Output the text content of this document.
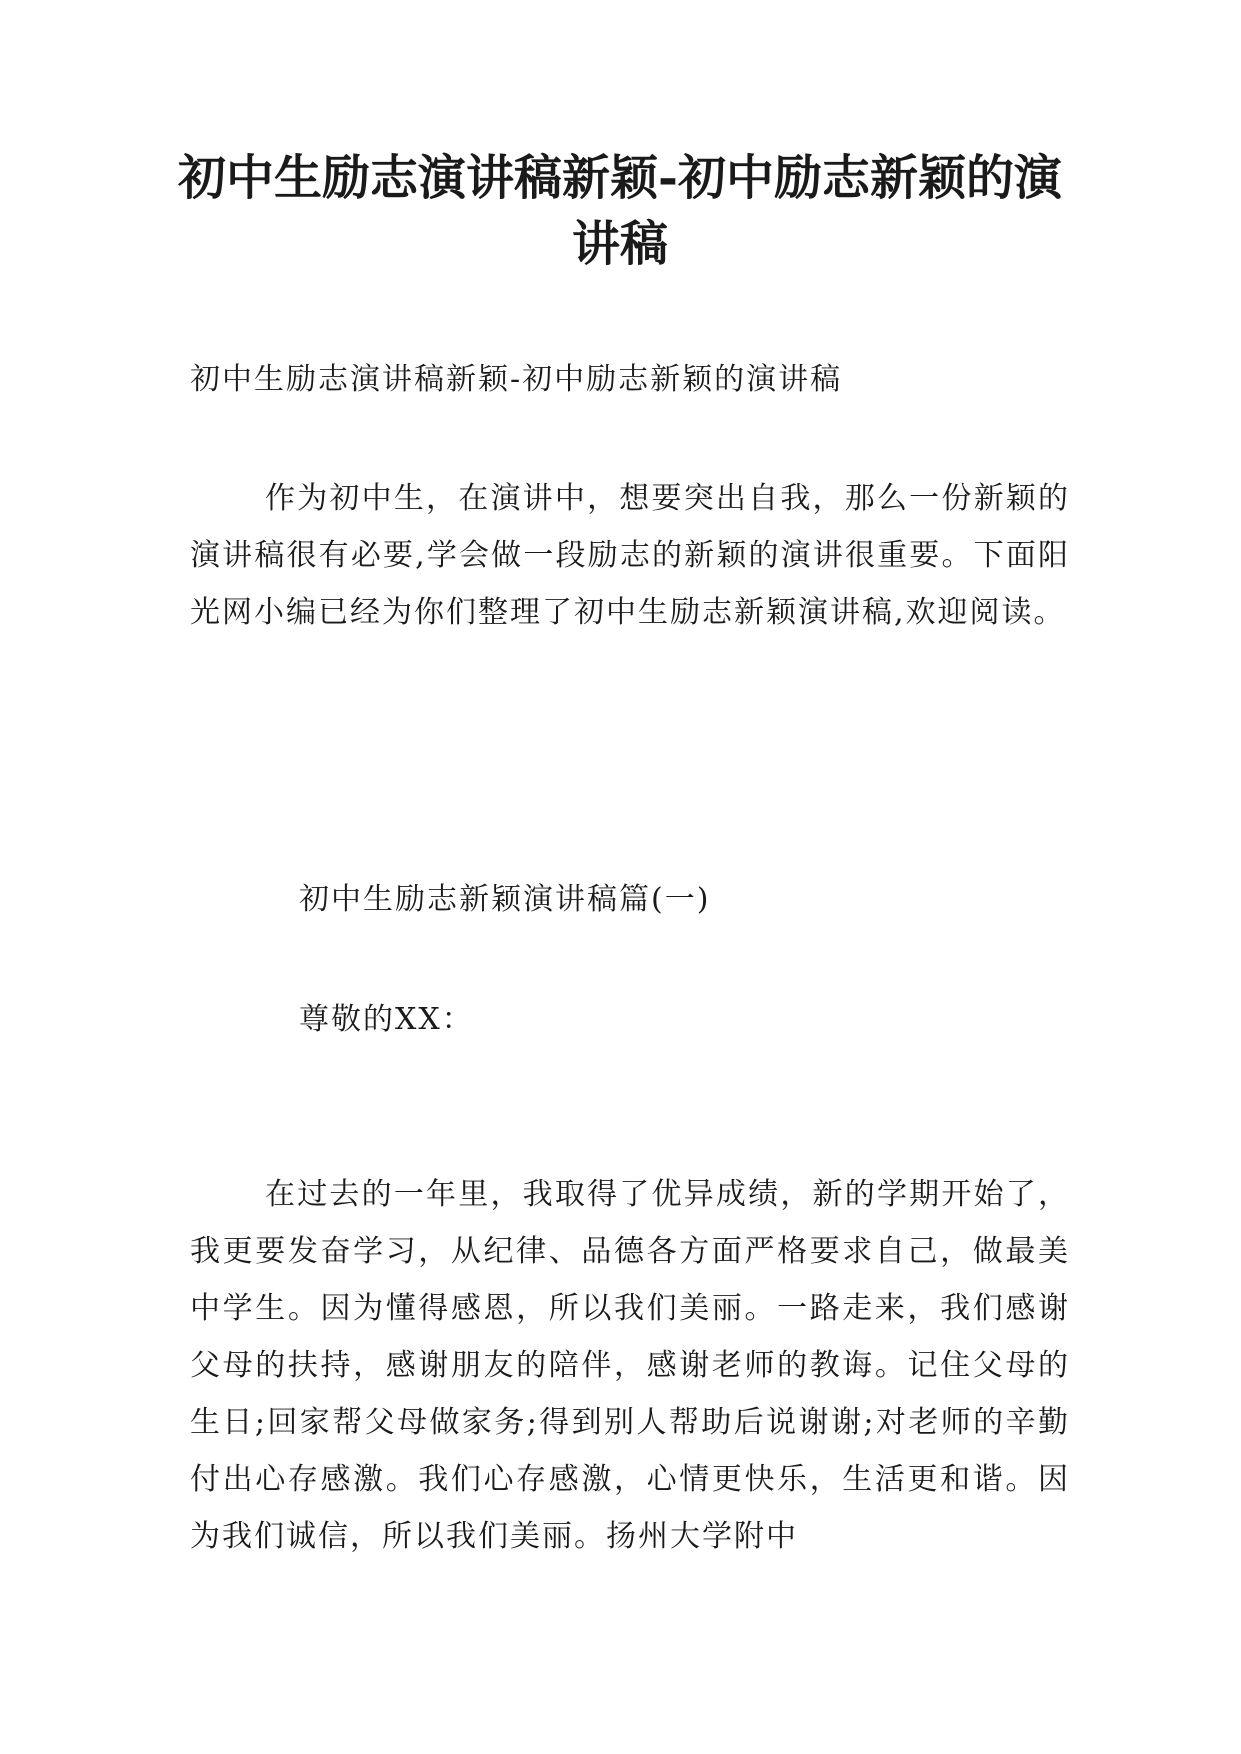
初中生励志演讲稿新颖-初中励志新颖的演讲稿

初中生励志演讲稿新颖-初中励志新颖的演讲稿

作为初中生，在演讲中，想要突出自我，那么一份新颖的演讲稿很有必要,学会做一段励志的新颖的演讲很重要。下面阳光网小编已经为你们整理了初中生励志新颖演讲稿,欢迎阅读。

初中生励志新颖演讲稿篇(一)

尊敬的XX：

在过去的一年里，我取得了优异成绩，新的学期开始了，我更要发奋学习，从纪律、品德各方面严格要求自己，做最美中学生。因为懂得感恩，所以我们美丽。一路走来，我们感谢父母的扶持，感谢朋友的陪伴，感谢老师的教诲。记住父母的生日;回家帮父母做家务;得到别人帮助后说谢谢;对老师的辛勤付出心存感激。我们心存感激，心情更快乐，生活更和谐。因为我们诚信，所以我们美丽。扬州大学附中
